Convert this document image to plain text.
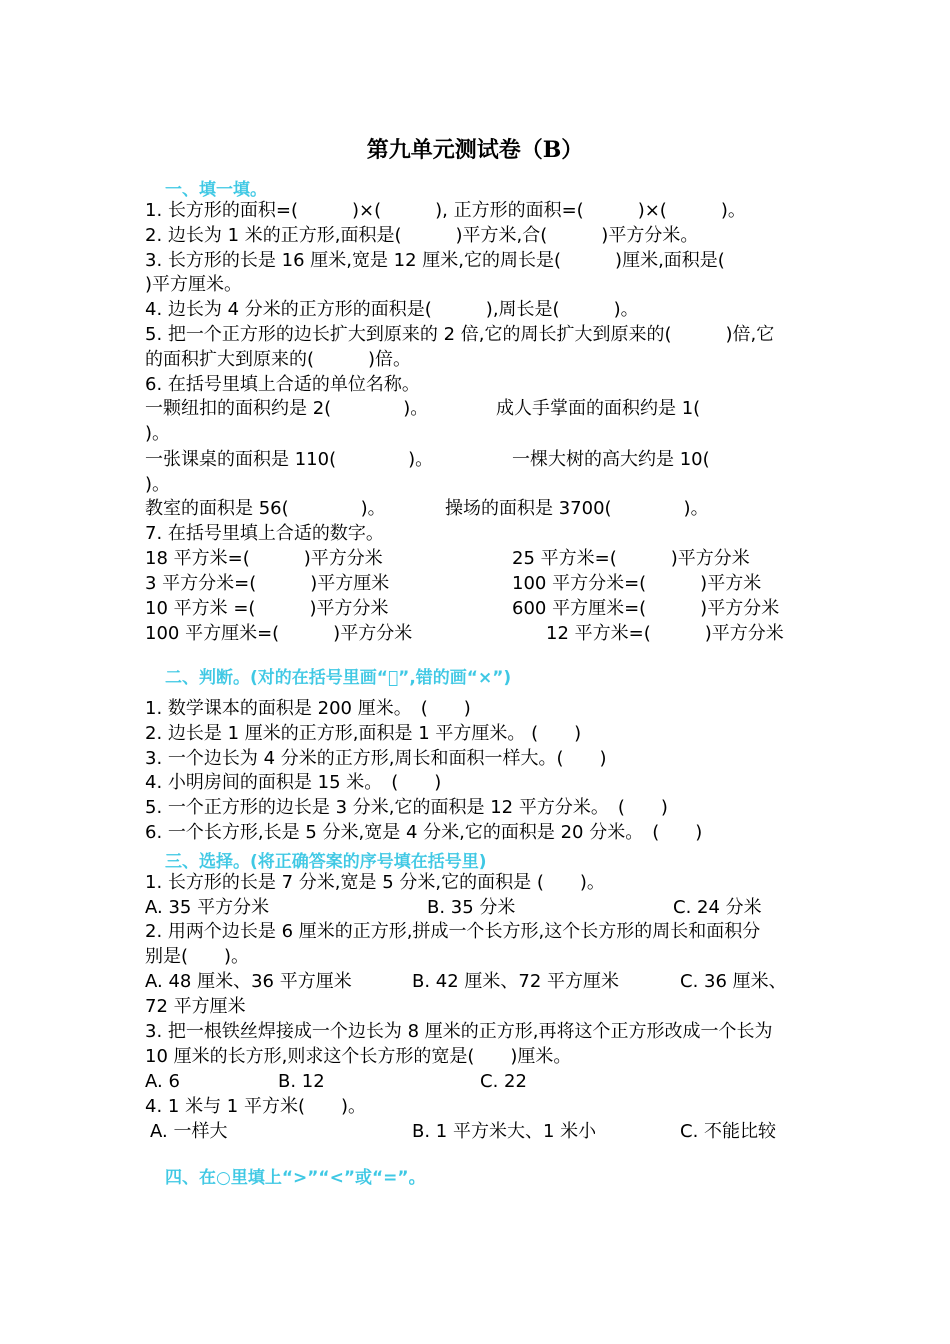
第九单元测试卷（B）
一、填一填。
1. 长方形的面积=(　　　)×(　　　), 正方形的面积=(　　　)×(　　　)。
2. 边长为 1 米的正方形,面积是(　　　)平方米,合(　　　)平方分米。
3. 长方形的长是 16 厘米,宽是 12 厘米,它的周长是(　　　)厘米,面积是(
)平方厘米。
4. 边长为 4 分米的正方形的面积是(　　　),周长是(　　　)。
5. 把一个正方形的边长扩大到原来的 2 倍,它的周长扩大到原来的(　　　)倍,它
的面积扩大到原来的(　　　)倍。
6. 在括号里填上合适的单位名称。
一颗纽扣的面积约是 2(　　　　)。	成人手掌面的面积约是 1(
)。
一张课桌的面积是 110(　　　　)。	一棵大树的高大约是 10(
)。
教室的面积是 56(　　　　)。	操场的面积是 3700(　　　　)。
7. 在括号里填上合适的数字。
18 平方米=(　　　)平方分米	25 平方米=(　　　)平方分米
3 平方分米=(　　　)平方厘米	100 平方分米=(　　　)平方米
10 平方米 =(　　　)平方分米	600 平方厘米=(　　　)平方分米
100 平方厘米=(　　　)平方分米	12 平方米=(　　　)平方分米
二、判断。(对的在括号里画“ ”,错的画“×”)
1. 数学课本的面积是 200 厘米。　(　　)
2. 边长是 1 厘米的正方形,面积是 1 平方厘米。 (　　)
3. 一个边长为 4 分米的正方形,周长和面积一样大。(　　)
4. 小明房间的面积是 15 米。　(　　)
5. 一个正方形的边长是 3 分米,它的面积是 12 平方分米。　(　　)
6. 一个长方形,长是 5 分米,宽是 4 分米,它的面积是 20 分米。　(　　)
三、选择。(将正确答案的序号填在括号里)
1. 长方形的长是 7 分米,宽是 5 分米,它的面积是 (　　)。
A. 35 平方分米	B. 35 分米	C. 24 分米
2. 用两个边长是 6 厘米的正方形,拼成一个长方形,这个长方形的周长和面积分
别是(　　)。
A. 48 厘米、36 平方厘米	B. 42 厘米、72 平方厘米	C. 36 厘米、
72 平方厘米
3. 把一根铁丝焊接成一个边长为 8 厘米的正方形,再将这个正方形改成一个长为
10 厘米的长方形,则求这个长方形的宽是(　　)厘米。
A. 6	B. 12	C. 22
4. 1 米与 1 平方米(　　)。
A. 一样大	B. 1 平方米大、1 米小	C. 不能比较
四、在○里填上“>”“<”或“=”。
